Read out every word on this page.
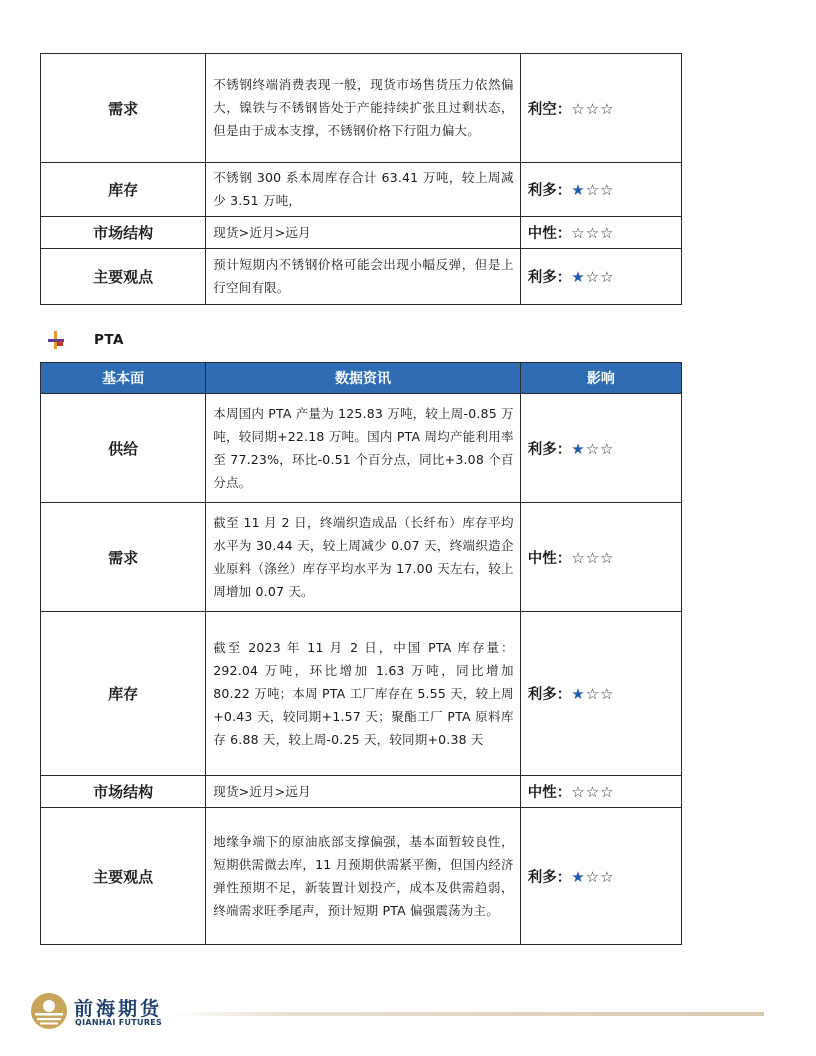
需求	不锈钢终端消费表现一般，现货市场售货压力依然偏大，镍铁与不锈钢皆处于产能持续扩张且过剩状态，但是由于成本支撑，不锈钢价格下行阻力偏大。	利空：☆☆☆
库存	不锈钢 300 系本周库存合计 63.41 万吨，较上周减少 3.51 万吨，	利多：★☆☆
市场结构	现货>近月>远月	中性：☆☆☆
主要观点	预计短期内不锈钢价格可能会出现小幅反弹，但是上行空间有限。	利多：★☆☆
PTA
基本面	数据资讯	影响
供给	本周国内 PTA 产量为 125.83 万吨，较上周-0.85 万吨，较同期+22.18 万吨。国内 PTA 周均产能利用率至 77.23%，环比-0.51 个百分点，同比+3.08 个百分点。	利多：★☆☆
需求	截至 11 月 2 日，终端织造成品（长纤布）库存平均水平为 30.44 天，较上周减少 0.07 天，终端织造企业原料（涤丝）库存平均水平为 17.00 天左右，较上周增加 0.07 天。	中性：☆☆☆
库存	截至 2023 年 11 月 2 日，中国 PTA 库存量：292.04 万吨，环比增加 1.63 万吨，同比增加 80.22 万吨；本周 PTA 工厂库存在 5.55 天，较上周+0.43 天，较同期+1.57 天；聚酯工厂 PTA 原料库存 6.88 天，较上周-0.25 天，较同期+0.38 天	利多：★☆☆
市场结构	现货>近月>远月	中性：☆☆☆
主要观点	地缘争端下的原油底部支撑偏强，基本面暂较良性，短期供需微去库，11 月预期供需紧平衡，但国内经济弹性预期不足，新装置计划投产，成本及供需趋弱，终端需求旺季尾声，预计短期 PTA 偏强震荡为主。	利多：★☆☆
前海期货
QIANHAI FUTURES
